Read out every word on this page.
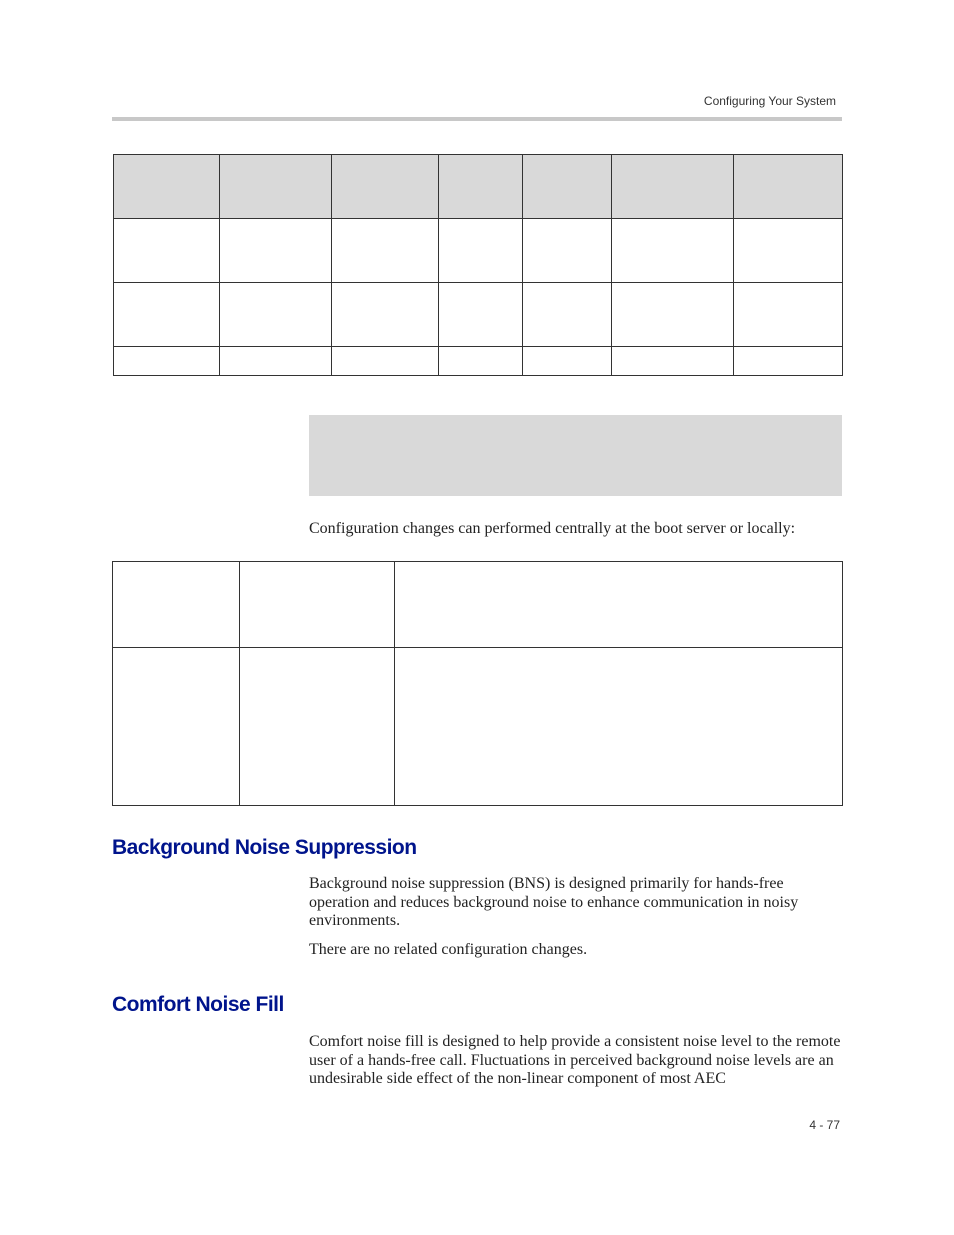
Configuring Your System

Configuration changes can performed centrally at the boot server or locally:

Background Noise Suppression

Background noise suppression (BNS) is designed primarily for hands-free operation and reduces background noise to enhance communication in noisy environments.

There are no related configuration changes.

Comfort Noise Fill

Comfort noise fill is designed to help provide a consistent noise level to the remote user of a hands-free call. Fluctuations in perceived background noise levels are an undesirable side effect of the non-linear component of most AEC

4 - 77
